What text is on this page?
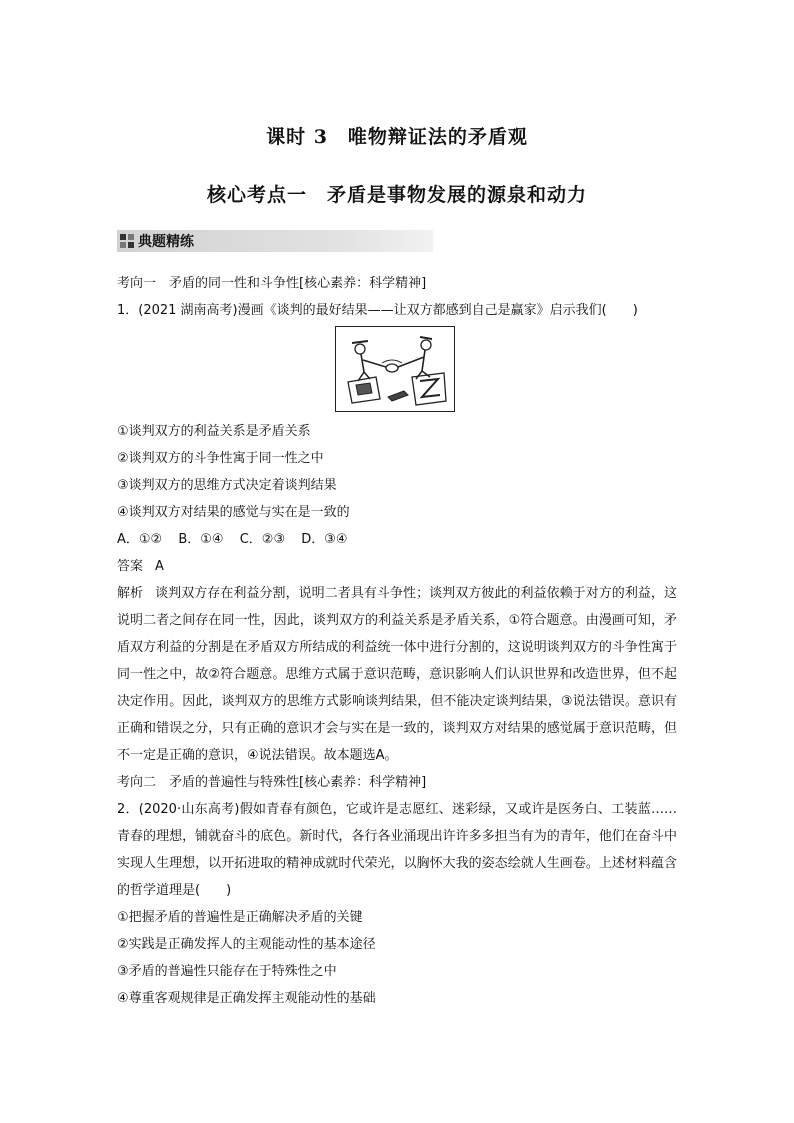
课时 3　唯物辩证法的矛盾观
核心考点一　矛盾是事物发展的源泉和动力
典题精练
考向一　矛盾的同一性和斗争性[核心素养：科学精神]
1．(2021 湖南高考)漫画《谈判的最好结果——让双方都感到自己是赢家》启示我们(　　)
①谈判双方的利益关系是矛盾关系
②谈判双方的斗争性寓于同一性之中
③谈判双方的思维方式决定着谈判结果
④谈判双方对结果的感觉与实在是一致的
A．①② B．①④ C．②③ D．③④
答案 A
解析 谈判双方存在利益分割，说明二者具有斗争性；谈判双方彼此的利益依赖于对方的利益，这说明二者之间存在同一性，因此，谈判双方的利益关系是矛盾关系，①符合题意。由漫画可知，矛盾双方利益的分割是在矛盾双方所结成的利益统一体中进行分割的，这说明谈判双方的斗争性寓于同一性之中，故②符合题意。思维方式属于意识范畴，意识影响人们认识世界和改造世界，但不起决定作用。因此，谈判双方的思维方式影响谈判结果，但不能决定谈判结果，③说法错误。意识有正确和错误之分，只有正确的意识才会与实在是一致的，谈判双方对结果的感觉属于意识范畴，但不一定是正确的意识，④说法错误。故本题选A。
考向二　矛盾的普遍性与特殊性[核心素养：科学精神]
2．(2020·山东高考)假如青春有颜色，它或许是志愿红、迷彩绿，又或许是医务白、工装蓝……青春的理想，铺就奋斗的底色。新时代，各行各业涌现出许许多多担当有为的青年，他们在奋斗中实现人生理想，以开拓进取的精神成就时代荣光，以胸怀大我的姿态绘就人生画卷。上述材料蕴含的哲学道理是(　　)
①把握矛盾的普遍性是正确解决矛盾的关键
②实践是正确发挥人的主观能动性的基本途径
③矛盾的普遍性只能存在于特殊性之中
④尊重客观规律是正确发挥主观能动性的基础
